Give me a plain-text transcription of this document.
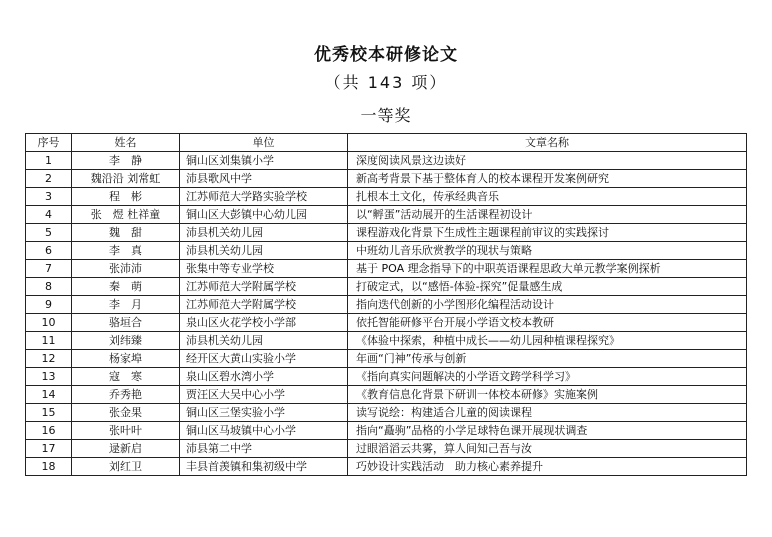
优秀校本研修论文
（共 143 项）
一等奖
序号	姓名	单位	文章名称
1	李　静	铜山区刘集镇小学	深度阅读风景这边读好
2	魏沿沿 刘常虹	沛县歌风中学	新高考背景下基于整体育人的校本课程开发案例研究
3	程　彬	江苏师范大学路实验学校	扎根本土文化，传承经典音乐
4	张　煜 杜祥童	铜山区大彭镇中心幼儿园	以“孵蛋”活动展开的生活课程初设计
5	魏　甜	沛县机关幼儿园	课程游戏化背景下生成性主题课程前审议的实践探讨
6	李　真	沛县机关幼儿园	中班幼儿音乐欣赏教学的现状与策略
7	张沛沛	张集中等专业学校	基于 POA 理念指导下的中职英语课程思政大单元教学案例探析
8	秦　萌	江苏师范大学附属学校	打破定式，以“感悟-体验-探究”促量感生成
9	李　月	江苏师范大学附属学校	指向迭代创新的小学图形化编程活动设计
10	骆垣合	泉山区火花学校小学部	依托智能研修平台开展小学语文校本教研
11	刘纬臻	沛县机关幼儿园	《体验中探索，种植中成长——幼儿园种植课程探究》
12	杨家埠	经开区大黄山实验小学	年画“门神”传承与创新
13	寇　寒	泉山区碧水湾小学	《指向真实问题解决的小学语文跨学科学习》
14	乔秀艳	贾汪区大吴中心小学	《教育信息化背景下研训一体校本研修》实施案例
15	张金果	铜山区三堡实验小学	读写说绘：构建适合儿童的阅读课程
16	张叶叶	铜山区马坡镇中心小学	指向“矗驹”品格的小学足球特色课开展现状调查
17	逯新启	沛县第二中学	过眼滔滔云共雾，算人间知己吾与汝
18	刘红卫	丰县首羡镇和集初级中学	巧妙设计实践活动　助力核心素养提升
